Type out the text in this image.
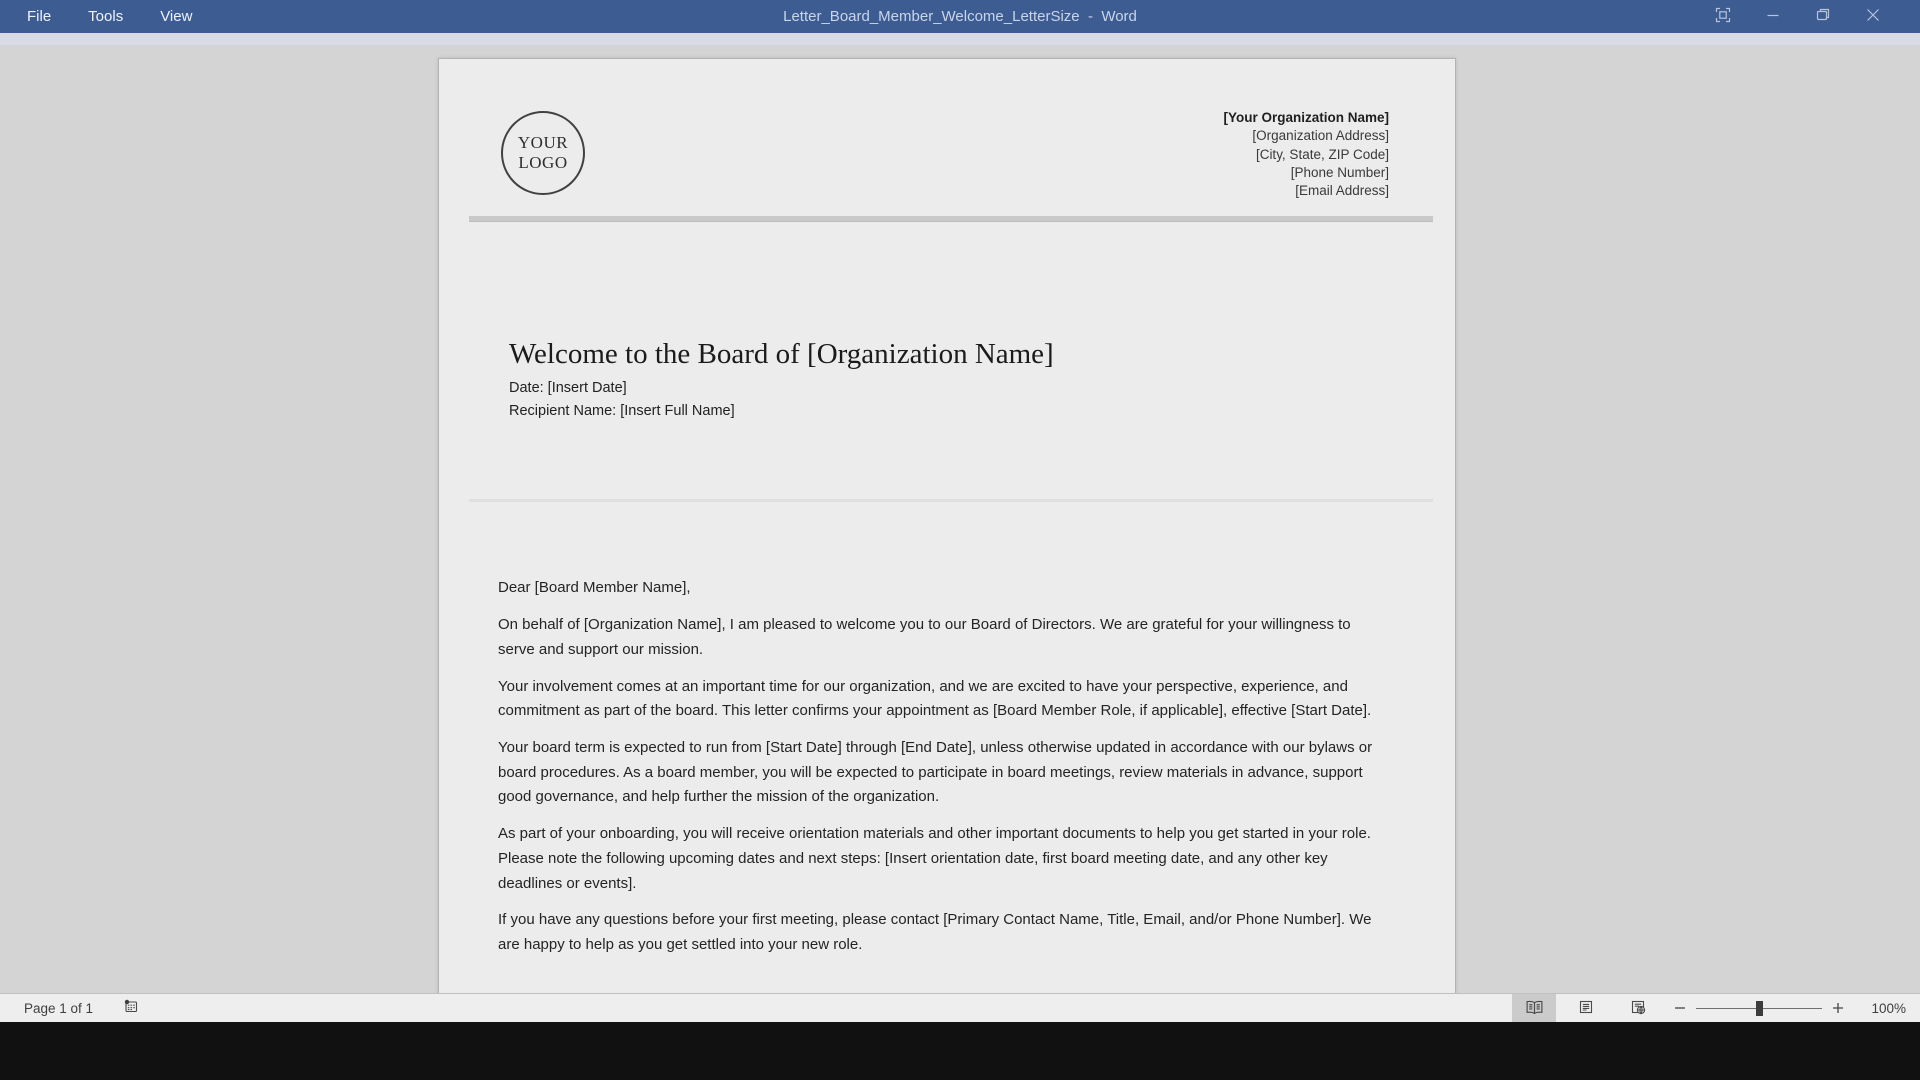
File Tools View	Letter_Board_Member_Welcome_LetterSize  -  Word
YOUR
LOGO
[Your Organization Name]
[Organization Address]
[City, State, ZIP Code]
[Phone Number]
[Email Address]
Welcome to the Board of [Organization Name]

Date: [Insert Date]

Recipient Name: [Insert Full Name]

Dear [Board Member Name],

On behalf of [Organization Name], I am pleased to welcome you to our Board of Directors. We are grateful for your willingness to serve and support our mission.

Your involvement comes at an important time for our organization, and we are excited to have your perspective, experience, and commitment as part of the board. This letter confirms your appointment as [Board Member Role, if applicable], effective [Start Date].

Your board term is expected to run from [Start Date] through [End Date], unless otherwise updated in accordance with our bylaws or board procedures. As a board member, you will be expected to participate in board meetings, review materials in advance, support good governance, and help further the mission of the organization.

As part of your onboarding, you will receive orientation materials and other important documents to help you get started in your role. Please note the following upcoming dates and next steps: [Insert orientation date, first board meeting date, and any other key deadlines or events].

If you have any questions before your first meeting, please contact [Primary Contact Name, Title, Email, and/or Phone Number]. We are happy to help as you get settled into your new role.

Page 1 of 1	100%
